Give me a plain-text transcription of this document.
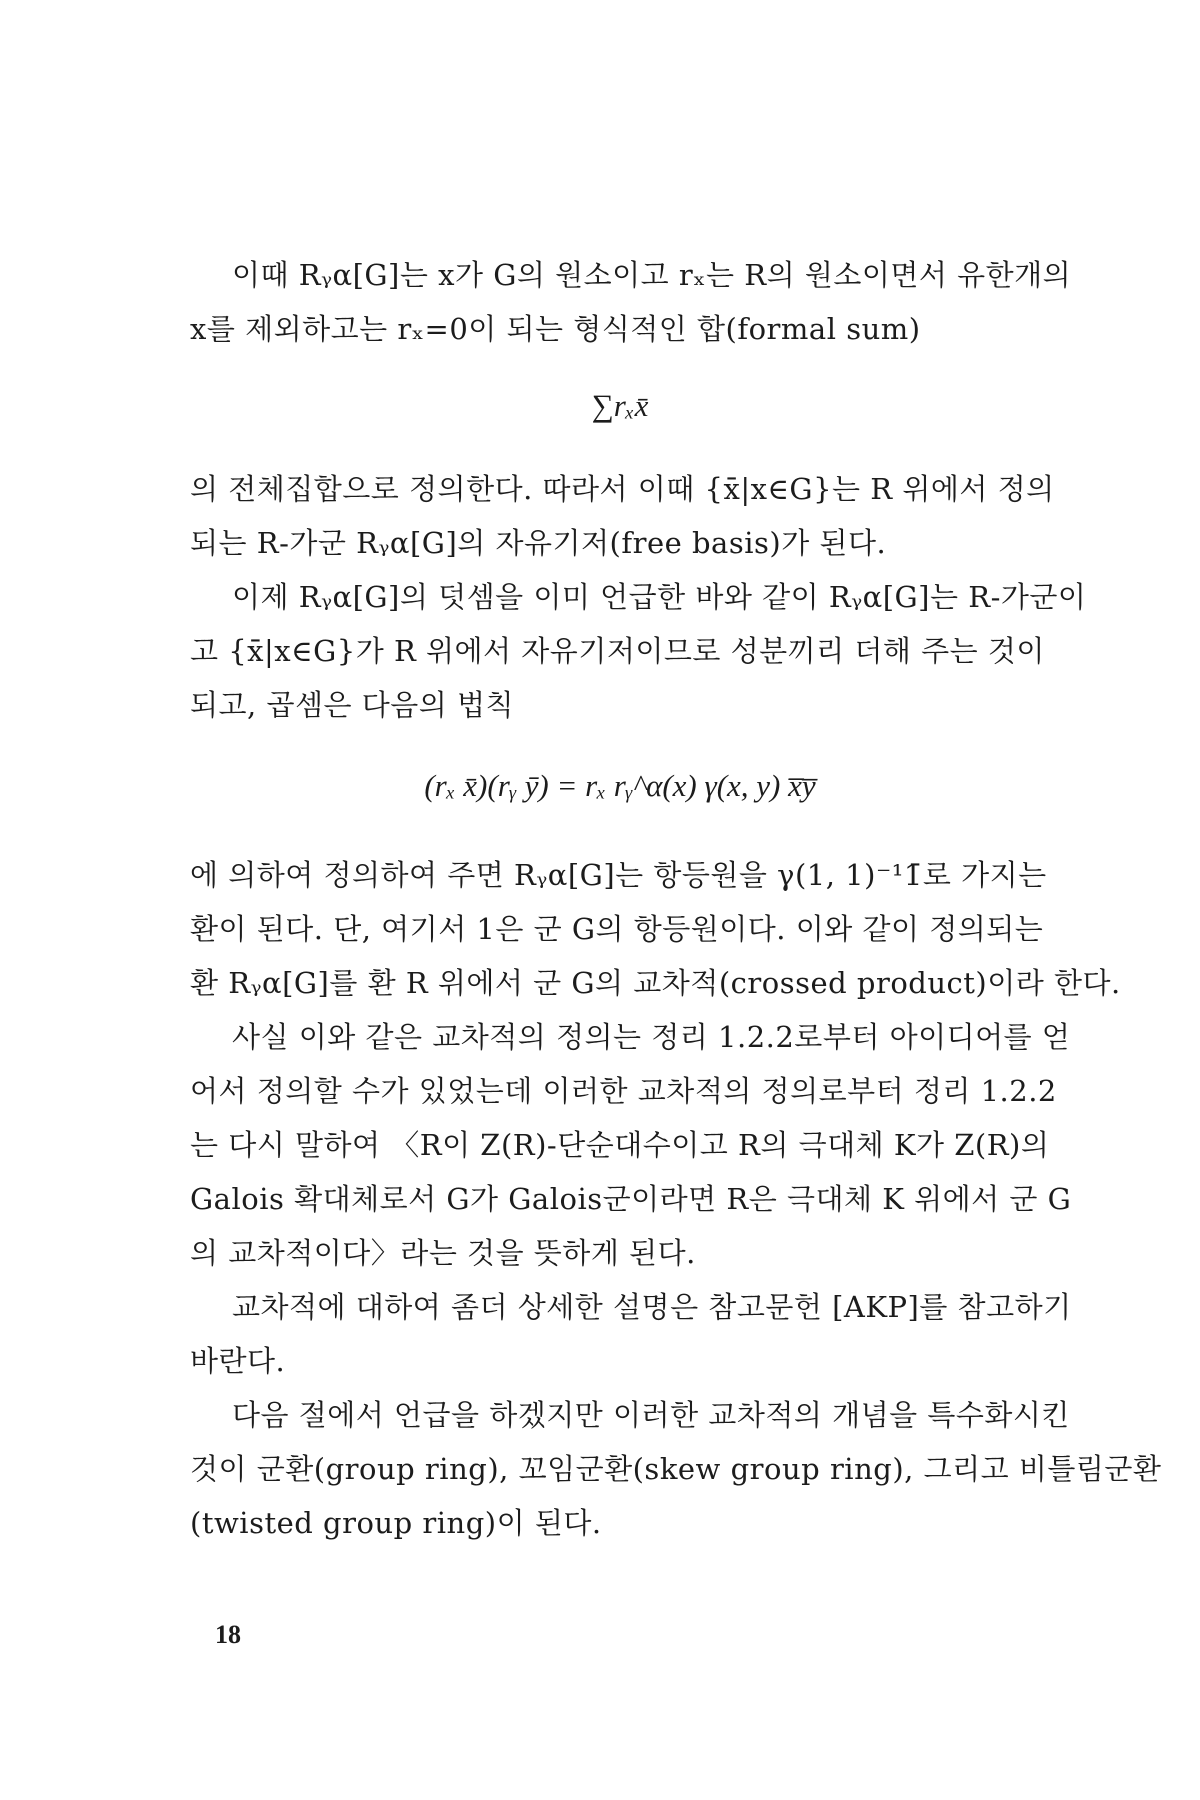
이때 Rᵧα[G]는 x가 G의 원소이고 rₓ는 R의 원소이면서 유한개의
x를 제외하고는 rₓ=0이 되는 형식적인 합(formal sum)
∑rₓx̄
의 전체집합으로 정의한다. 따라서 이때 {x̄|x∈G}는 R 위에서 정의
되는 R-가군 Rᵧα[G]의 자유기저(free basis)가 된다.
이제 Rᵧα[G]의 덧셈을 이미 언급한 바와 같이 Rᵧα[G]는 R-가군이
고 {x̄|x∈G}가 R 위에서 자유기저이므로 성분끼리 더해 주는 것이
되고, 곱셈은 다음의 법칙
(rₓ x̄)(rᵧ ȳ) = rₓ rᵧ^α(x) γ(x, y) x̅y̅
에 의하여 정의하여 주면 Rᵧα[G]는 항등원을 γ(1, 1)⁻¹1̄로 가지는
환이 된다. 단, 여기서 1은 군 G의 항등원이다. 이와 같이 정의되는
환 Rᵧα[G]를 환 R 위에서 군 G의 교차적(crossed product)이라 한다.
사실 이와 같은 교차적의 정의는 정리 1.2.2로부터 아이디어를 얻
어서 정의할 수가 있었는데 이러한 교차적의 정의로부터 정리 1.2.2
는 다시 말하여 〈R이 Z(R)-단순대수이고 R의 극대체 K가 Z(R)의
Galois 확대체로서 G가 Galois군이라면 R은 극대체 K 위에서 군 G
의 교차적이다〉라는 것을 뜻하게 된다.
교차적에 대하여 좀더 상세한 설명은 참고문헌 [AKP]를 참고하기
바란다.
다음 절에서 언급을 하겠지만 이러한 교차적의 개념을 특수화시킨
것이 군환(group ring), 꼬임군환(skew group ring), 그리고 비틀림군환
(twisted group ring)이 된다.
18
